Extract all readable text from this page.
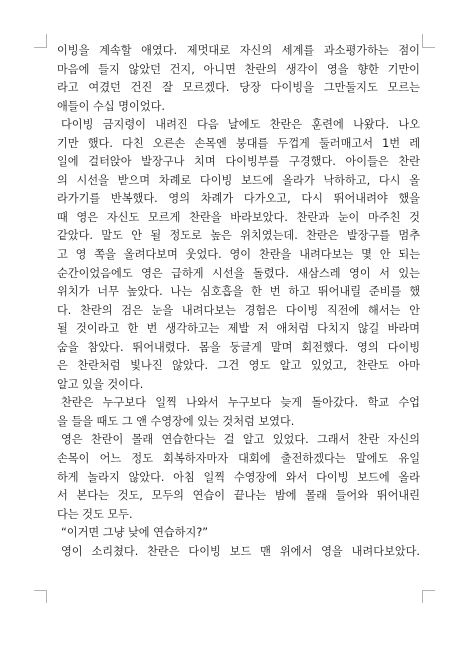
이빙을 계속할 애였다. 제멋대로 자신의 세계를 과소평가하는 점이
마음에 들지 않았던 건지, 아니면 찬란의 생각이 영을 향한 기만이
라고 여겼던 건진 잘 모르겠다. 당장 다이빙을 그만둘지도 모르는
애들이 수십 명이었다.
다이빙 금지령이 내려진 다음 날에도 찬란은 훈련에 나왔다. 나오
기만 했다. 다친 오른손 손목엔 붕대를 두껍게 둘러매고서 1번 레
일에 걸터앉아 발장구나 치며 다이빙부를 구경했다. 아이들은 찬란
의 시선을 받으며 차례로 다이빙 보드에 올라가 낙하하고, 다시 올
라가기를 반복했다. 영의 차례가 다가오고, 다시 뛰어내려야 했을
때 영은 자신도 모르게 찬란을 바라보았다. 찬란과 눈이 마주친 것
같았다. 말도 안 될 정도로 높은 위치였는데. 찬란은 발장구를 멈추
고 영 쪽을 올려다보며 웃었다. 영이 찬란을 내려다보는 몇 안 되는
순간이었음에도 영은 급하게 시선을 돌렸다. 새삼스레 영이 서 있는
위치가 너무 높았다. 나는 심호흡을 한 번 하고 뛰어내릴 준비를 했
다. 찬란의 검은 눈을 내려다보는 경험은 다이빙 직전에 해서는 안
될 것이라고 한 번 생각하고는 제발 저 애처럼 다치지 않길 바라며
숨을 참았다. 뛰어내렸다. 몸을 둥글게 말며 회전했다. 영의 다이빙
은 찬란처럼 빛나진 않았다. 그건 영도 알고 있었고, 찬란도 아마
알고 있을 것이다.
찬란은 누구보다 일찍 나와서 누구보다 늦게 돌아갔다. 학교 수업
을 들을 때도 그 앤 수영장에 있는 것처럼 보였다.
영은 찬란이 몰래 연습한다는 걸 알고 있었다. 그래서 찬란 자신의
손목이 어느 정도 회복하자마자 대회에 출전하겠다는 말에도 유일
하게 놀라지 않았다. 아침 일찍 수영장에 와서 다이빙 보드에 올라
서 본다는 것도, 모두의 연습이 끝나는 밤에 몰래 들어와 뛰어내린
다는 것도 모두.
“이거면 그냥 낮에 연습하지?”
영이 소리쳤다. 찬란은 다이빙 보드 맨 위에서 영을 내려다보았다.
